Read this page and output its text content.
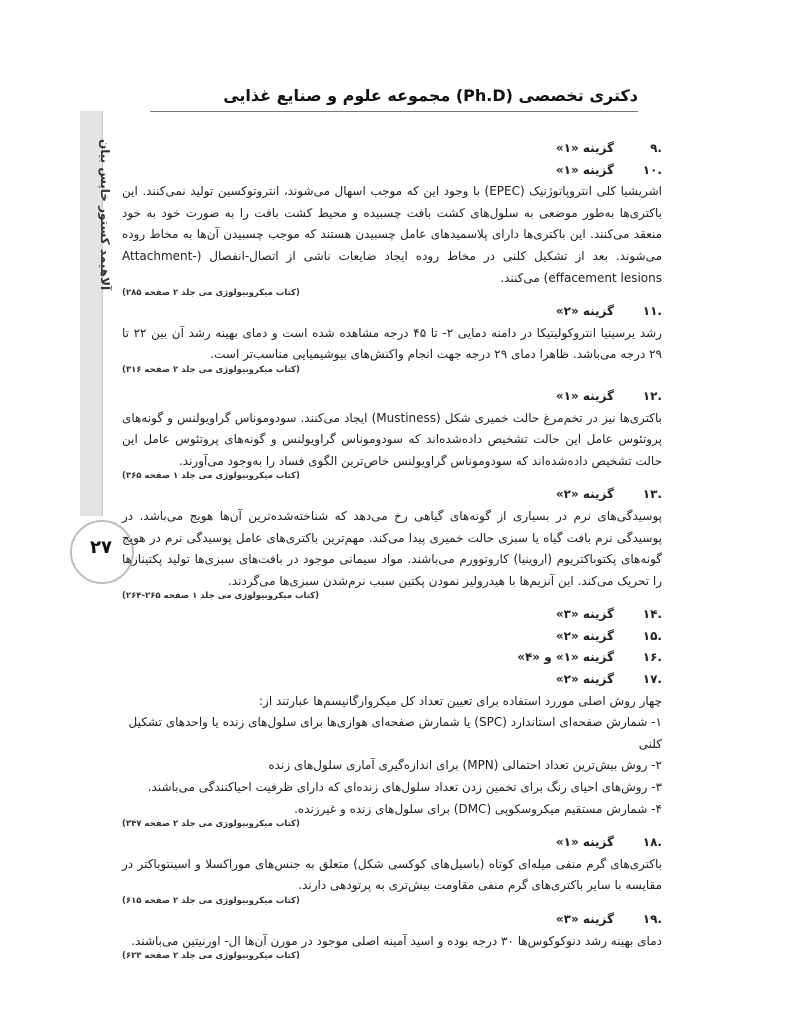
دکتری تخصصی (Ph.D) مجموعه علوم و صنایع غذایی
آلاهیمد کستور خاپس بیان
۲۷
۹.
گزینه «۱»
۱۰.
گزینه «۱»
اشریشیا کلی انتروپاتوژنیک (EPEC) با وجود این که موجب اسهال می‌شوند، انتروتوکسین تولید نمی‌کنند. این باکتری‌ها به‌طور موضعی به سلول‌های کشت بافت چسبیده و محیط کشت بافت را به صورت خود به خود منعقد می‌کنند. این باکتری‌ها دارای پلاسمیدهای عامل چسبیدن هستند که موجب چسبیدن آن‌ها به مخاط روده می‌شوند. بعد از تشکیل کلنی در مخاط روده ایجاد ضایعات ناشی از اتصال-انفصال (-Attachment effacement lesions) می‌کنند.
(کتاب میکروبیولوژی می جلد ۲ صفحه ۲۸۵)
۱۱.
گزینه «۲»
رشد یرسینیا انتروکولیتیکا در دامنه دمایی ۲- تا ۴۵ درجه مشاهده شده است و دمای بهینه رشد آن بین ۲۲ تا ۲۹ درجه می‌باشد. ظاهرا دمای ۲۹ درجه جهت انجام واکنش‌های بیوشیمیایی مناسب‌تر است.
(کتاب میکروبیولوژی می جلد ۲ صفحه ۳۱۶)
۱۲.
گزینه «۱»
باکتری‌ها نیز در تخم‌مرغ حالت خمیری شکل (Mustiness) ایجاد می‌کنند. سودوموناس گراویولنس و گونه‌های پروتئوس عامل این حالت تشخیص داده‌شده‌اند که سودوموناس گراویولنس و گونه‌های پروتئوس عامل این حالت تشخیص داده‌شده‌اند که سودوموناس گراویولنس خاص‌ترین الگوی فساد را به‌وجود می‌آورند.
(کتاب میکروبیولوژی می جلد ۱ صفحه ۳۶۵)
۱۳.
گزینه «۲»
پوسیدگی‌های نرم در بسیاری از گونه‌های گیاهی رخ می‌دهد که شناخته‌شده‌ترین آن‌ها هویج می‌باشد. در پوسیدگی نرم بافت گیاه یا سبزی حالت خمیری پیدا می‌کند. مهم‌ترین باکتری‌های عامل پوسیدگی نرم در هویج گونه‌های پکتوباکتریوم (اروینیا) کاروتوورم می‌باشند. مواد سیمانی موجود در بافت‌های سبزی‌ها تولید پکتینازها را تحریک می‌کند. این آنزیم‌ها با هیدرولیز نمودن پکتین سبب نرم‌شدن سبزی‌ها می‌گردند.
(کتاب میکروبیولوژی می جلد ۱ صفحه ۲۶۵-۲۶۴)
۱۴.
گزینه «۳»
۱۵.
گزینه «۲»
۱۶.
گزینه «۱» و «۴»
۱۷.
گزینه «۲»
چهار روش اصلی موررد استفاده برای تعیین تعداد کل میکروارگانیسم‌ها عبارتند از:
۱- شمارش صفحه‌ای استاندارد (SPC) یا شمارش صفحه‌ای هوازی‌ها برای سلول‌های زنده یا واحدهای تشکیل کلنی
۲- روش بیش‌ترین تعداد احتمالی (MPN) برای اندازه‌گیری آماری سلول‌های زنده
۳- روش‌های احیای رنگ برای تخمین زدن تعداد سلول‌های زنده‌ای که دارای ظرفیت احیاکنندگی می‌باشند.
۴- شمارش مستقیم میکروسکوپی (DMC) برای سلول‌های زنده و غیرزنده.
(کتاب میکروبیولوژی می جلد ۲ صفحه ۳۴۷)
۱۸.
گزینه «۱»
باکتری‌های گرم منفی میله‌ای کوتاه (باسیل‌های کوکسی شکل) متعلق به جنس‌های موراکسلا و اسینتوباکتر در مقایسه با سایر باکتری‌های گرم منفی مقاومت بیش‌تری به پرتودهی دارند.
(کتاب میکروبیولوژی می جلد ۲ صفحه ۶۱۵)
۱۹.
گزینه «۳»
دمای بهینه رشد دنوکوکوس‌ها ۳۰ درجه بوده و اسید آمینه اصلی موجود در مورن آن‌ها ال- اورنیتین می‌باشند.
(کتاب میکروبیولوژی می جلد ۲ صفحه ۶۲۳)
